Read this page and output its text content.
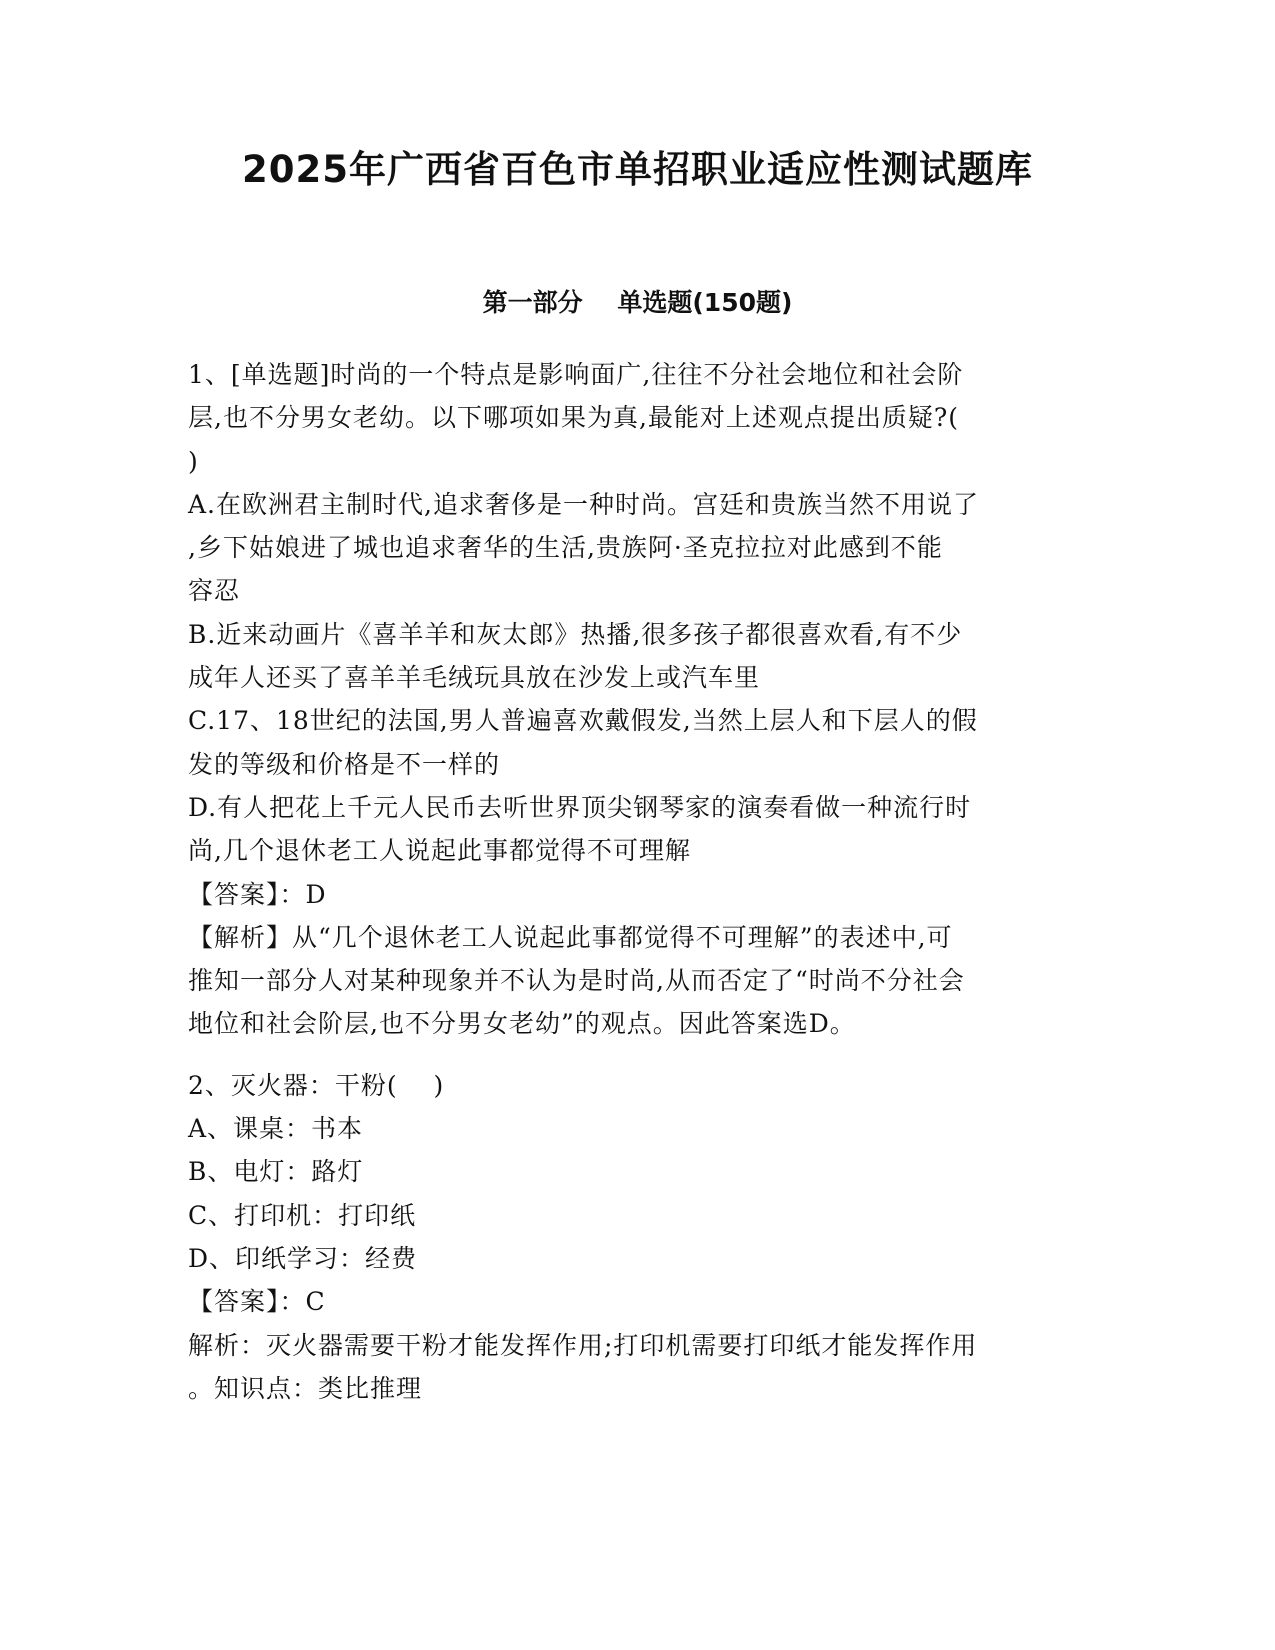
2025年广西省百色市单招职业适应性测试题库
第一部分    单选题(150题)
1、[单选题]时尚的一个特点是影响面广,往往不分社会地位和社会阶
层,也不分男女老幼。以下哪项如果为真,最能对上述观点提出质疑?(
)
A.在欧洲君主制时代,追求奢侈是一种时尚。宫廷和贵族当然不用说了
,乡下姑娘进了城也追求奢华的生活,贵族阿·圣克拉拉对此感到不能
容忍
B.近来动画片《喜羊羊和灰太郎》热播,很多孩子都很喜欢看,有不少
成年人还买了喜羊羊毛绒玩具放在沙发上或汽车里
C.17、18世纪的法国,男人普遍喜欢戴假发,当然上层人和下层人的假
发的等级和价格是不一样的
D.有人把花上千元人民币去听世界顶尖钢琴家的演奏看做一种流行时
尚,几个退休老工人说起此事都觉得不可理解
【答案】：D
【解析】从“几个退休老工人说起此事都觉得不可理解”的表述中,可
推知一部分人对某种现象并不认为是时尚,从而否定了“时尚不分社会
地位和社会阶层,也不分男女老幼”的观点。因此答案选D。
2、灭火器：干粉(    )
A、课桌：书本
B、电灯：路灯
C、打印机：打印纸
D、印纸学习：经费
【答案】：C
解析：灭火器需要干粉才能发挥作用;打印机需要打印纸才能发挥作用
。知识点：类比推理
